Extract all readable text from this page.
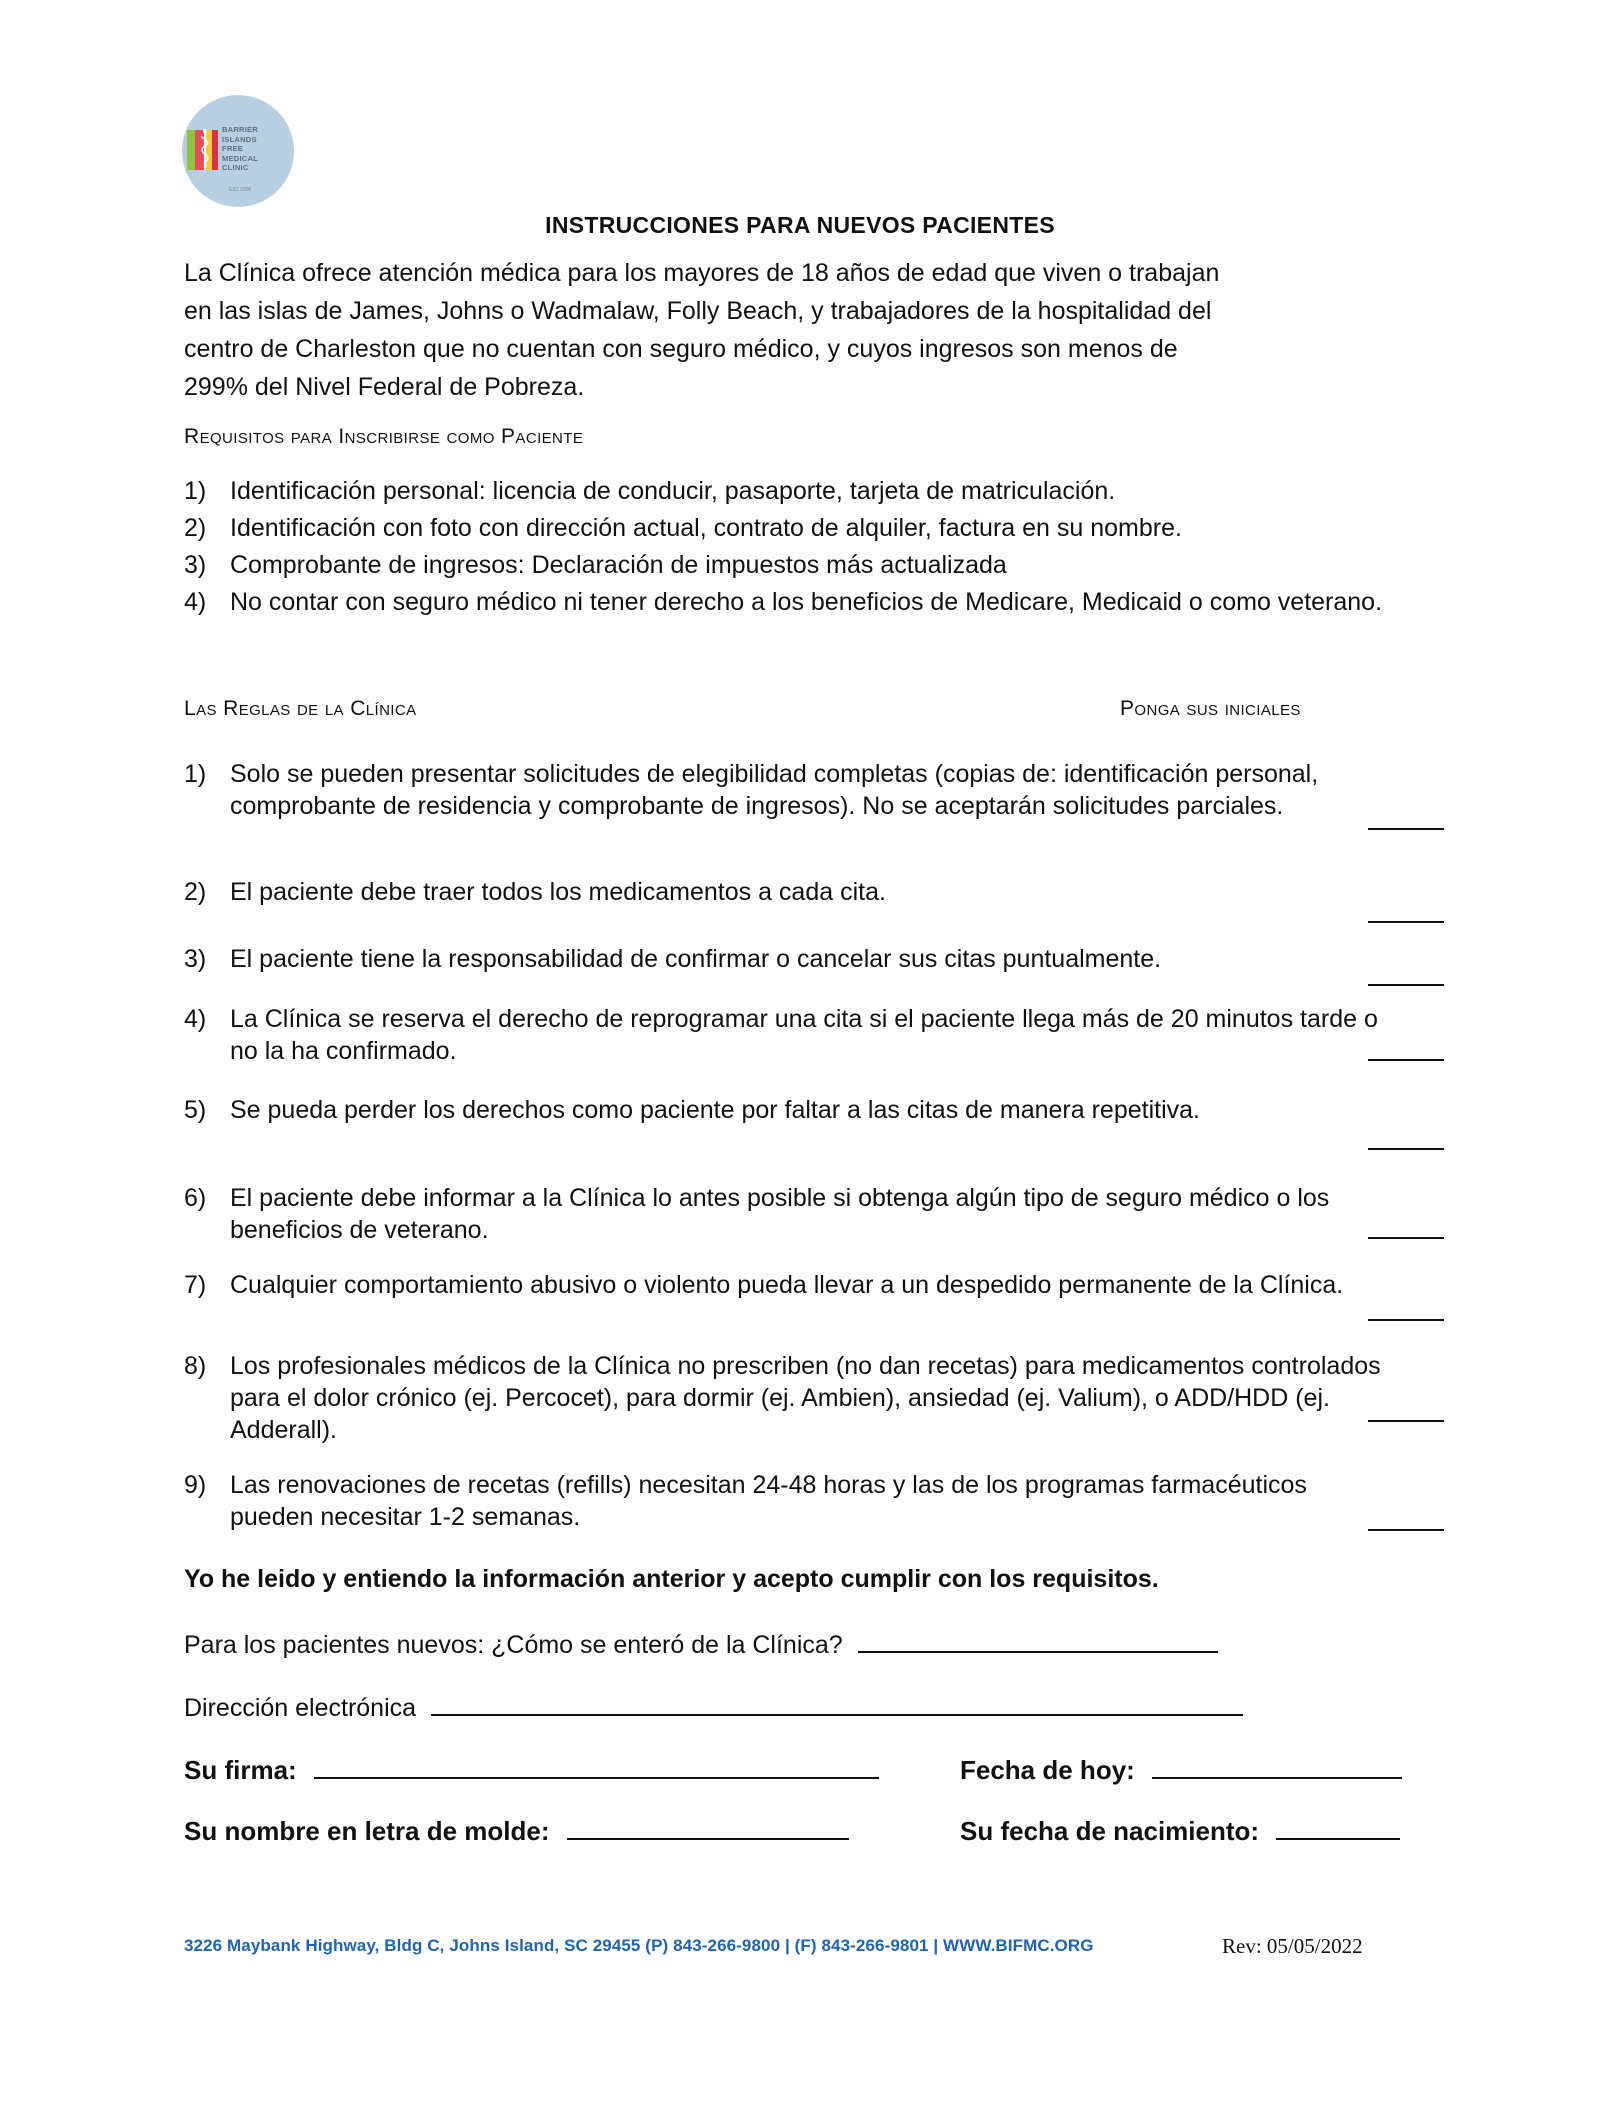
BARRIER
ISLANDS
FREE
MEDICAL
CLINIC
EST 2006
INSTRUCCIONES PARA NUEVOS PACIENTES
La Clínica ofrece atención médica para los mayores de 18 años de edad que viven o trabajan
en las islas de James, Johns o Wadmalaw, Folly Beach, y trabajadores de la hospitalidad del
centro de Charleston que no cuentan con seguro médico, y cuyos ingresos son menos de
299% del Nivel Federal de Pobreza.
Requisitos para Inscribirse como Paciente
1) Identificación personal: licencia de conducir, pasaporte, tarjeta de matriculación.
2) Identificación con foto con dirección actual, contrato de alquiler, factura en su nombre.
3) Comprobante de ingresos: Declaración de impuestos más actualizada
4) No contar con seguro médico ni tener derecho a los beneficios de Medicare, Medicaid o como veterano.
Las Reglas de la Clínica	Ponga sus iniciales
1) Solo se pueden presentar solicitudes de elegibilidad completas (copias de: identificación personal, comprobante de residencia y comprobante de ingresos). No se aceptarán solicitudes parciales.
2) El paciente debe traer todos los medicamentos a cada cita.
3) El paciente tiene la responsabilidad de confirmar o cancelar sus citas puntualmente.
4) La Clínica se reserva el derecho de reprogramar una cita si el paciente llega más de 20 minutos tarde o no la ha confirmado.
5) Se pueda perder los derechos como paciente por faltar a las citas de manera repetitiva.
6) El paciente debe informar a la Clínica lo antes posible si obtenga algún tipo de seguro médico o los beneficios de veterano.
7) Cualquier comportamiento abusivo o violento pueda llevar a un despedido permanente de la Clínica.
8) Los profesionales médicos de la Clínica no prescriben (no dan recetas) para medicamentos controlados para el dolor crónico (ej. Percocet), para dormir (ej. Ambien), ansiedad (ej. Valium), o ADD/HDD (ej. Adderall).
9) Las renovaciones de recetas (refills) necesitan 24-48 horas y las de los programas farmacéuticos pueden necesitar 1-2 semanas.
Yo he leido y entiendo la información anterior y acepto cumplir con los requisitos.
Para los pacientes nuevos: ¿Cómo se enteró de la Clínica?
Dirección electrónica
Su firma:	Fecha de hoy:
Su nombre en letra de molde:	Su fecha de nacimiento:
3226 Maybank Highway, Bldg C, Johns Island, SC 29455 (P) 843-266-9800 | (F) 843-266-9801 | WWW.BIFMC.ORG	Rev: 05/05/2022
